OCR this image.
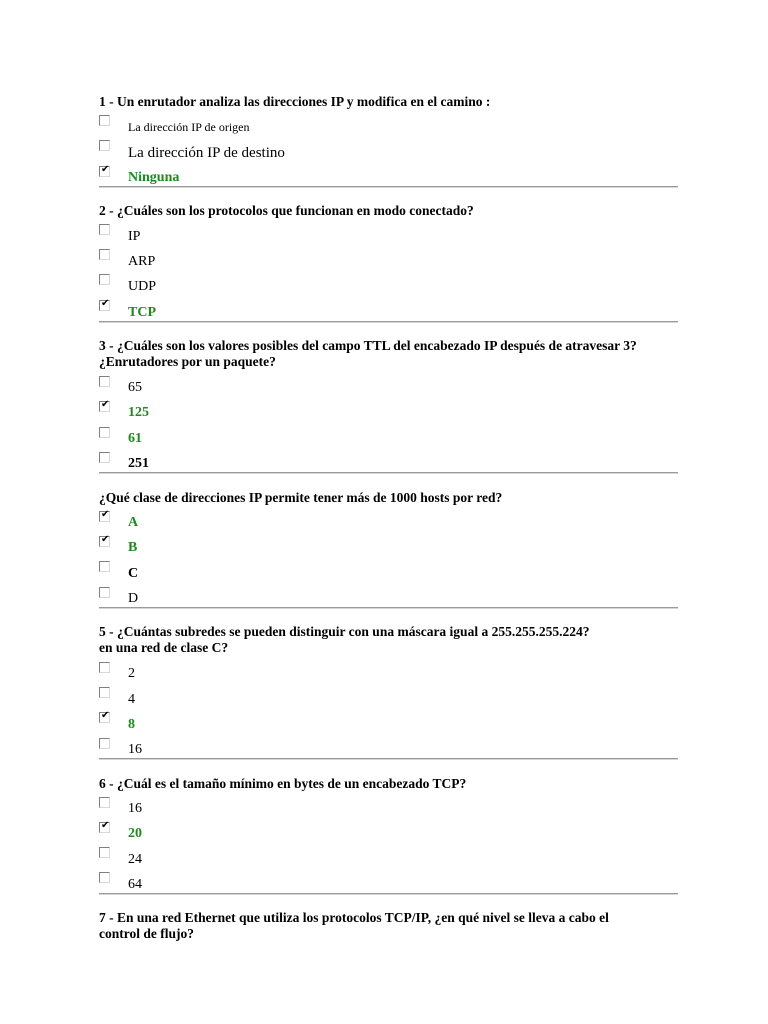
1 - Un enrutador analiza las direcciones IP y modifica en el camino :
La dirección IP de origen
La dirección IP de destino
✔
Ninguna
2 - ¿Cuáles son los protocolos que funcionan en modo conectado?
IP
ARP
UDP
✔
TCP
3 - ¿Cuáles son los valores posibles del campo TTL del encabezado IP después de atravesar 3?
¿Enrutadores por un paquete?
65
✔
125
61
251
¿Qué clase de direcciones IP permite tener más de 1000 hosts por red?
✔
A
✔
B
C
D
5 - ¿Cuántas subredes se pueden distinguir con una máscara igual a 255.255.255.224?
en una red de clase C?
2
4
✔
8
16
6 - ¿Cuál es el tamaño mínimo en bytes de un encabezado TCP?
16
✔
20
24
64
7 - En una red Ethernet que utiliza los protocolos TCP/IP, ¿en qué nivel se lleva a cabo el
control de flujo?
